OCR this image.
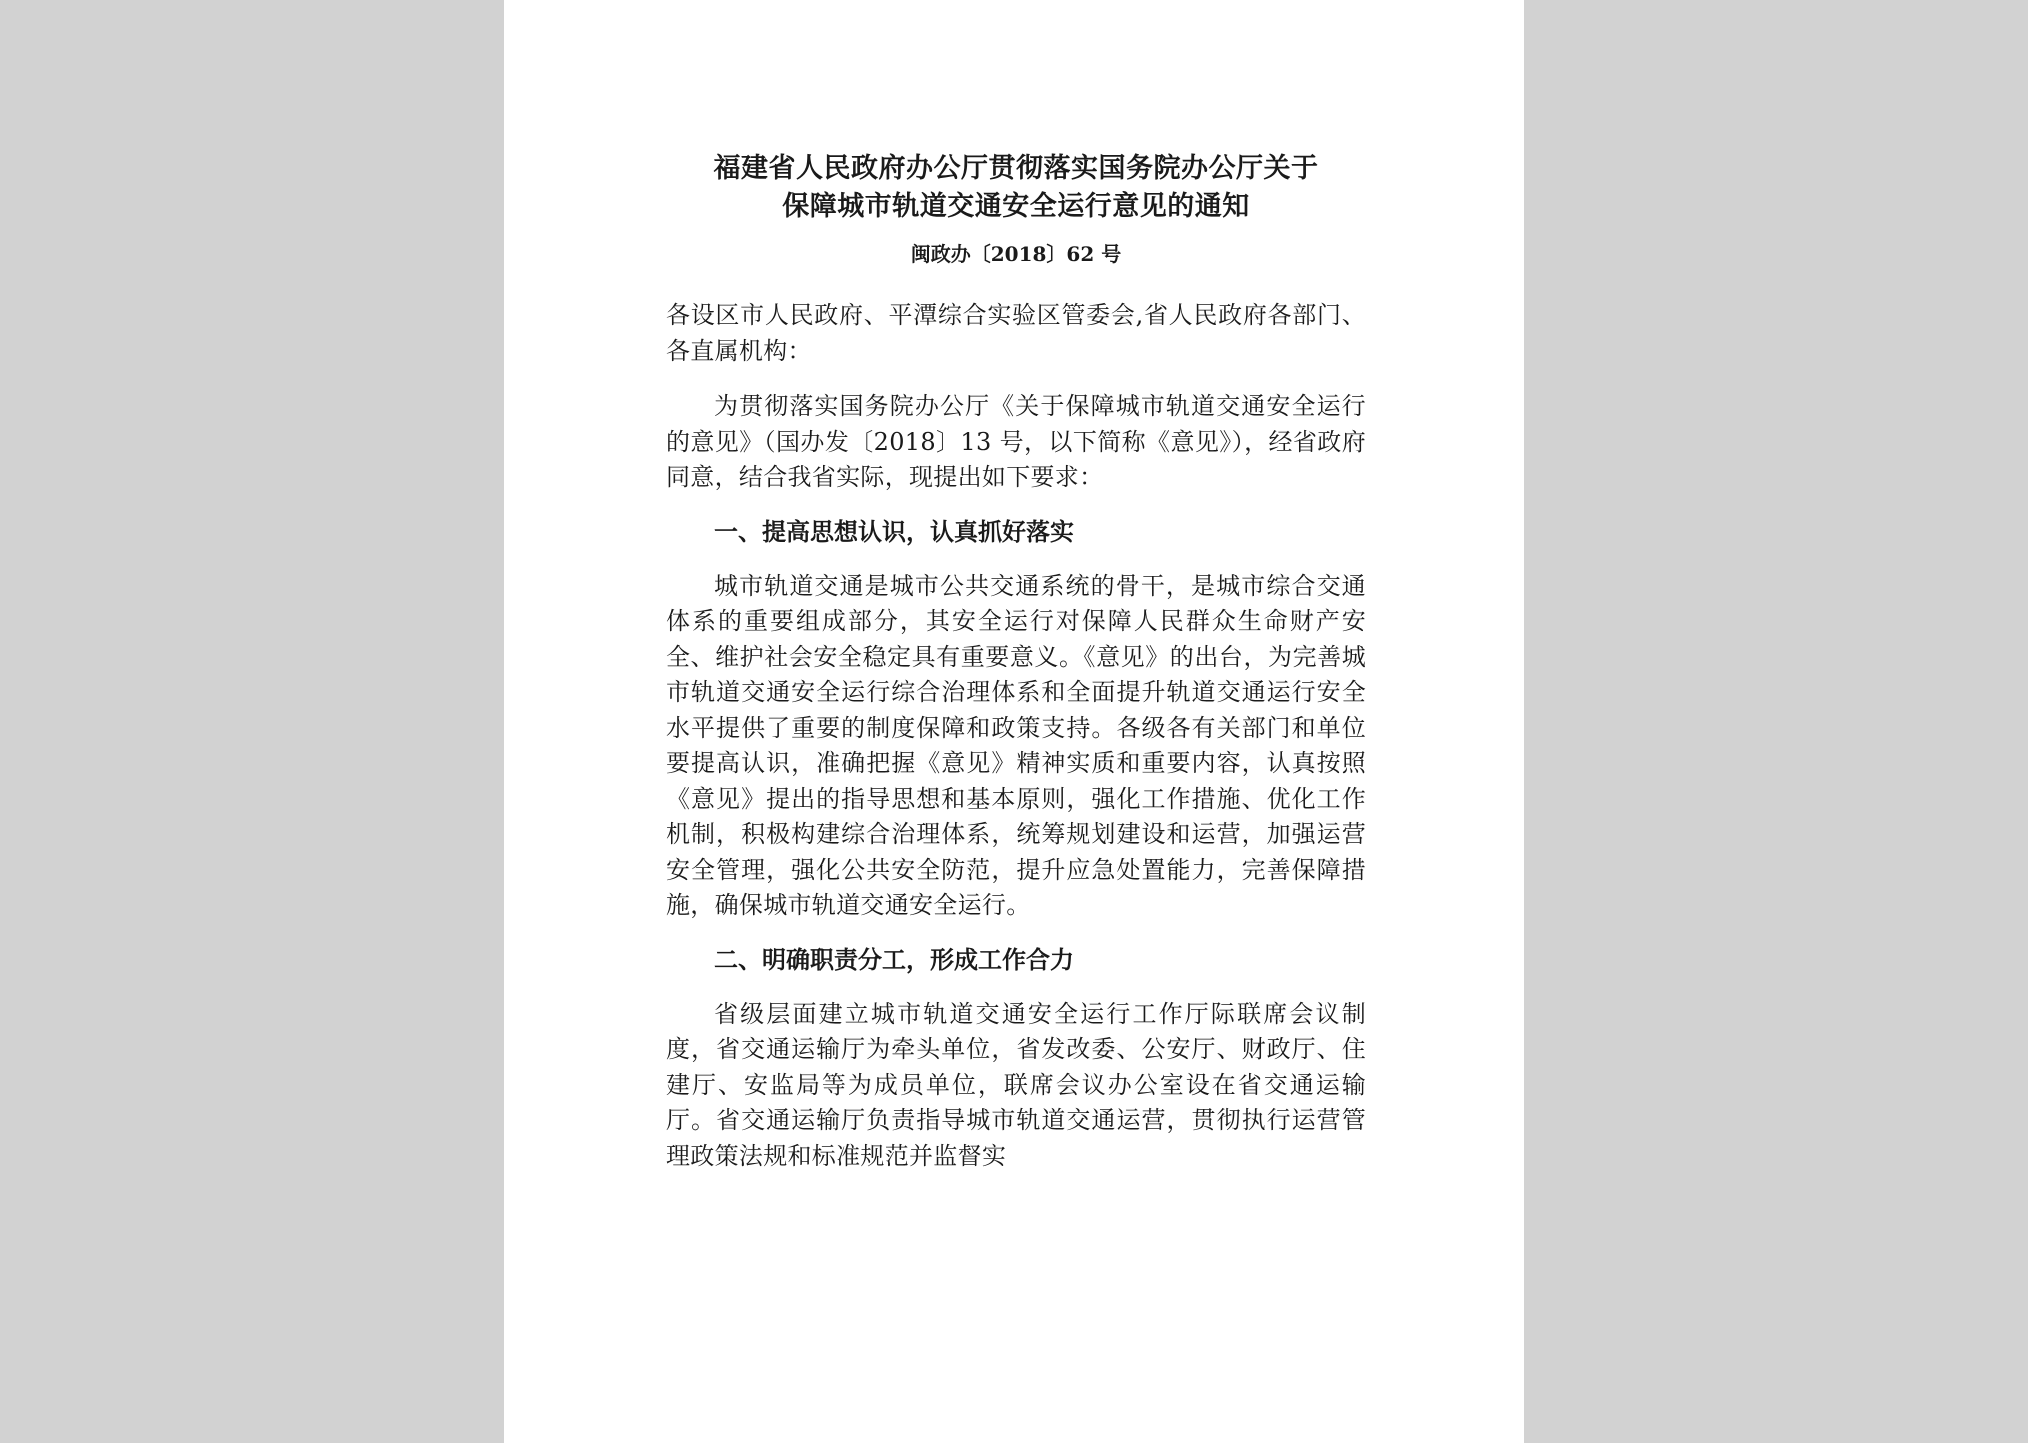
福建省人民政府办公厅贯彻落实国务院办公厅关于
保障城市轨道交通安全运行意见的通知

闽政办〔2018〕62 号

各设区市人民政府、平潭综合实验区管委会,省人民政府各部门、各直属机构：

为贯彻落实国务院办公厅《关于保障城市轨道交通安全运行的意见》（国办发〔2018〕13 号，以下简称《意见》），经省政府同意，结合我省实际，现提出如下要求：

一、提高思想认识，认真抓好落实

城市轨道交通是城市公共交通系统的骨干，是城市综合交通体系的重要组成部分，其安全运行对保障人民群众生命财产安全、维护社会安全稳定具有重要意义。《意见》的出台，为完善城市轨道交通安全运行综合治理体系和全面提升轨道交通运行安全水平提供了重要的制度保障和政策支持。各级各有关部门和单位要提高认识，准确把握《意见》精神实质和重要内容，认真按照《意见》提出的指导思想和基本原则，强化工作措施、优化工作机制，积极构建综合治理体系，统筹规划建设和运营，加强运营安全管理，强化公共安全防范，提升应急处置能力，完善保障措施，确保城市轨道交通安全运行。

二、明确职责分工，形成工作合力

省级层面建立城市轨道交通安全运行工作厅际联席会议制度，省交通运输厅为牵头单位，省发改委、公安厅、财政厅、住建厅、安监局等为成员单位，联席会议办公室设在省交通运输厅。省交通运输厅负责指导城市轨道交通运营，贯彻执行运营管理政策法规和标准规范并监督实
